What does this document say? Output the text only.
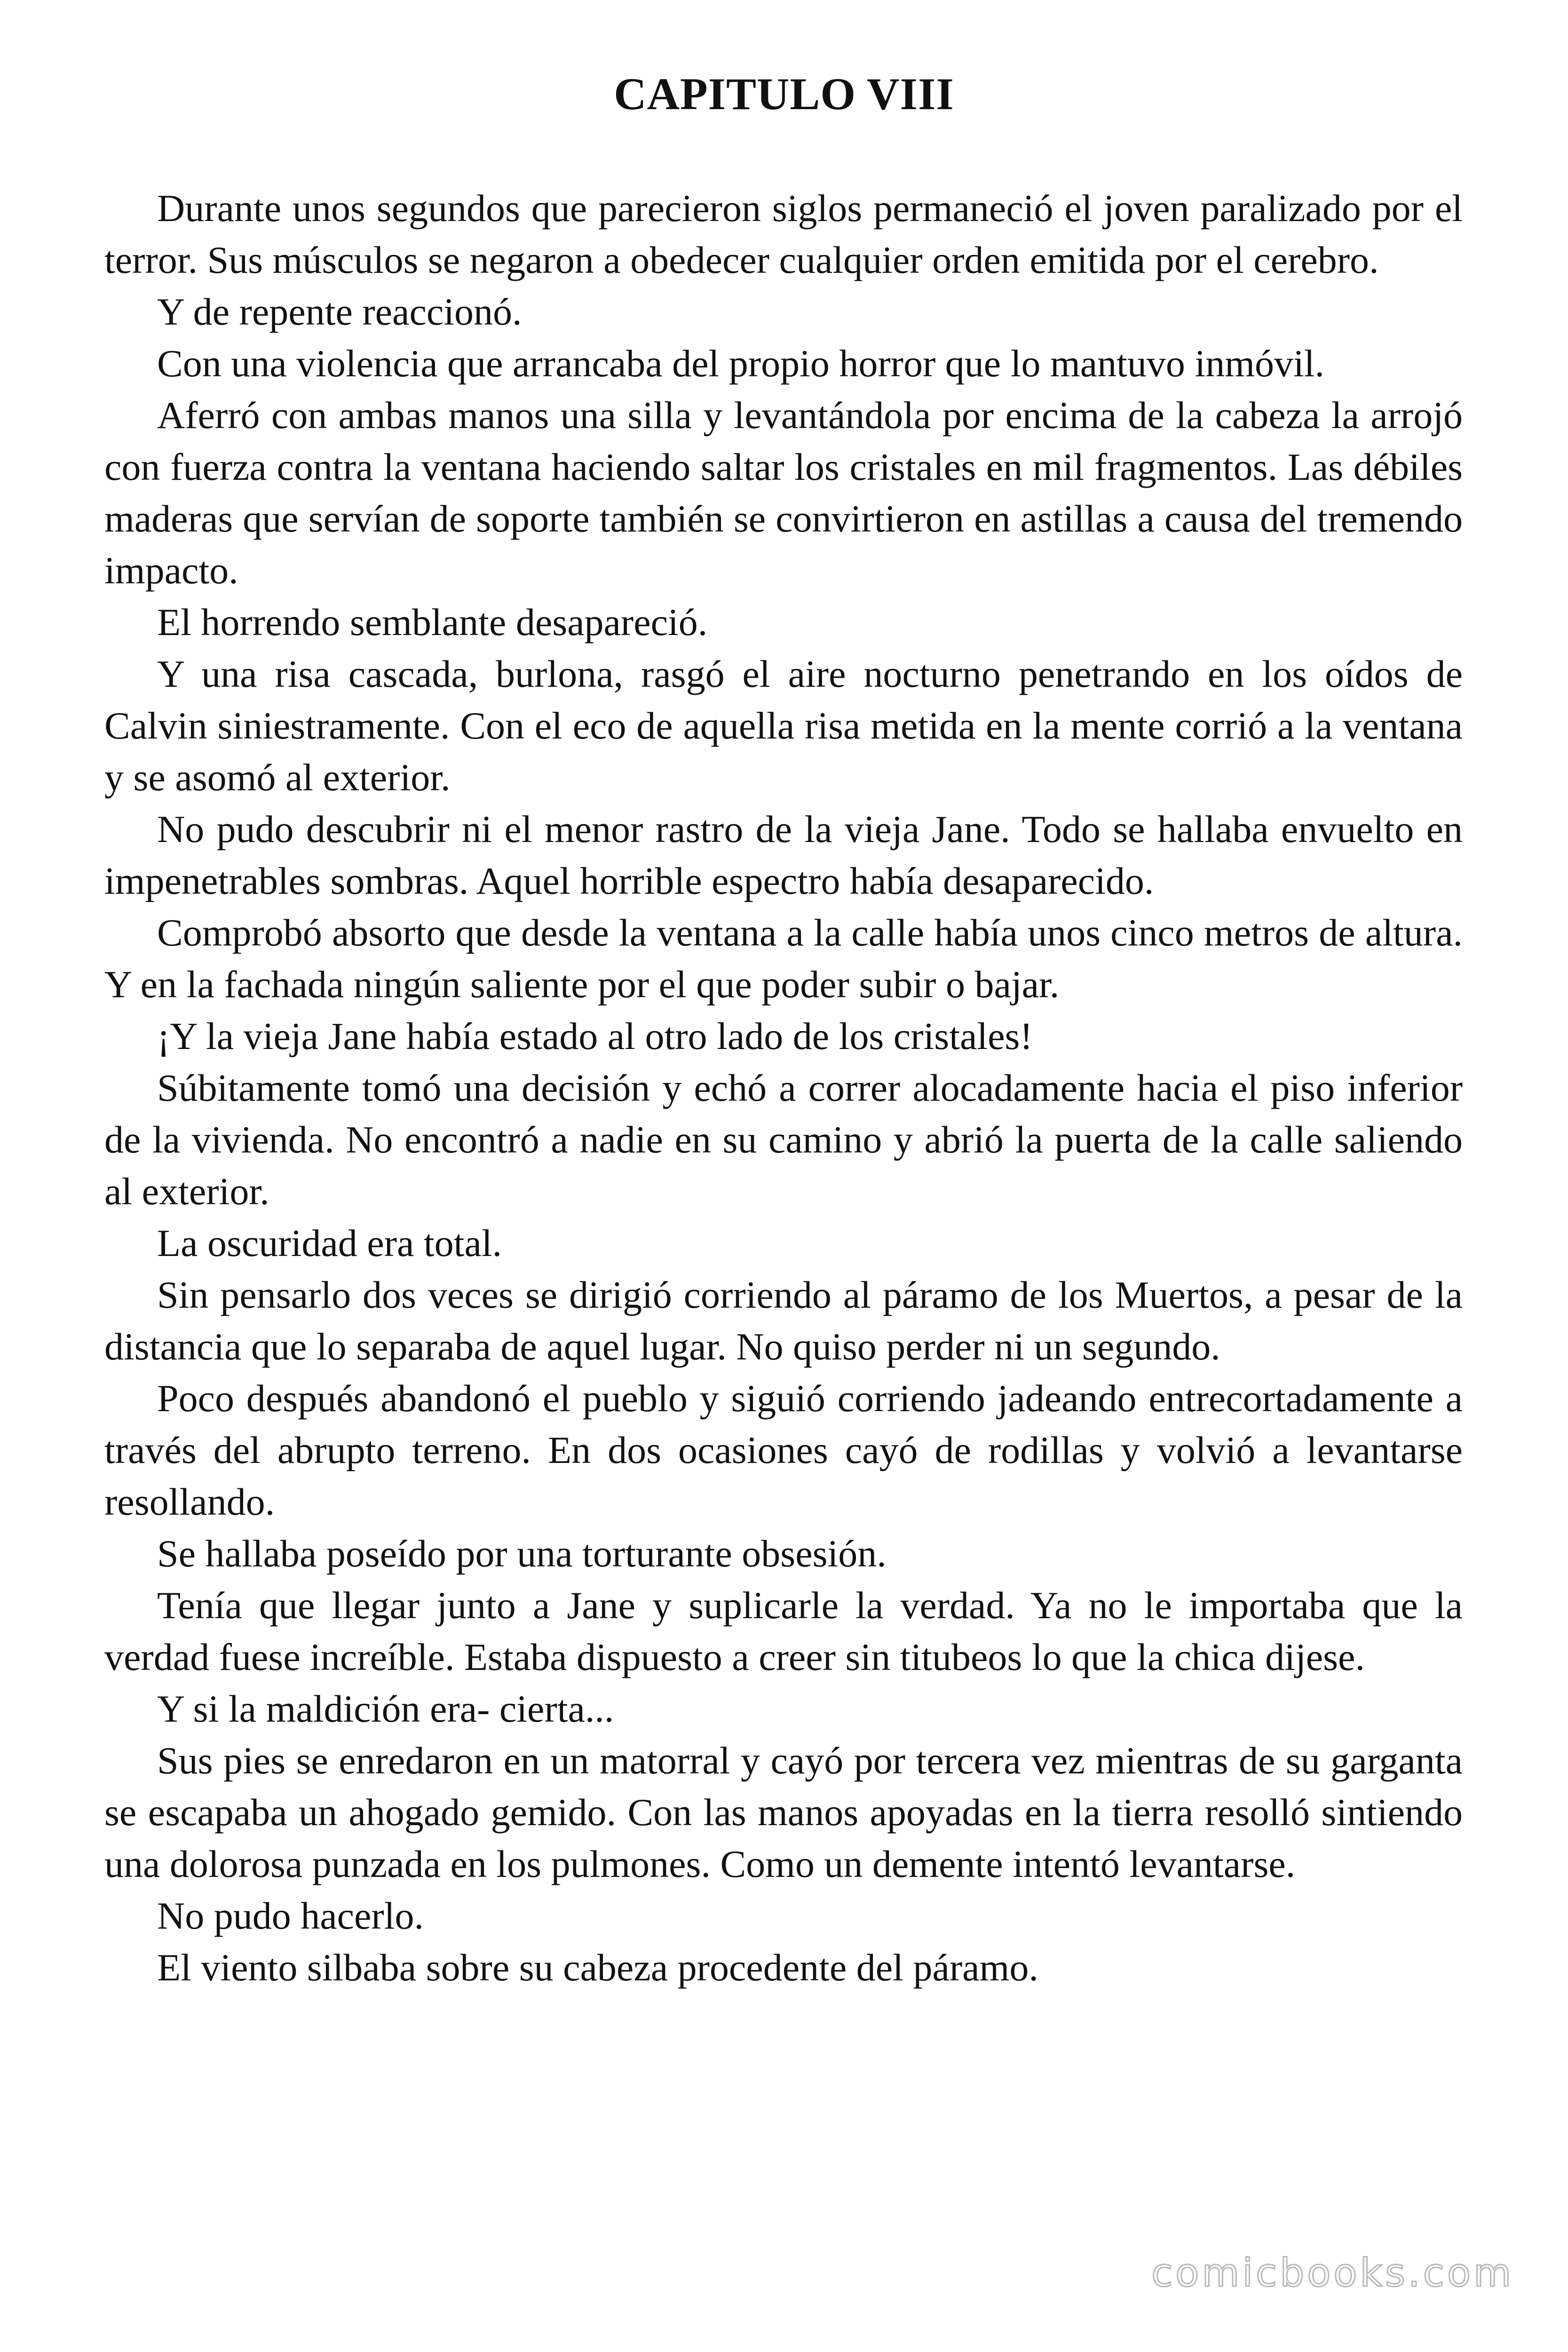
CAPITULO VIII

Durante unos segundos que parecieron siglos permaneció el joven paralizado por el terror. Sus músculos se negaron a obedecer cualquier orden emitida por el cerebro.

Y de repente reaccionó.

Con una violencia que arrancaba del propio horror que lo mantuvo inmóvil.

Aferró con ambas manos una silla y levantándola por encima de la cabeza la arrojó con fuerza contra la ventana haciendo saltar los cristales en mil fragmentos. Las débiles maderas que servían de soporte también se convirtieron en astillas a causa del tremendo impacto.

El horrendo semblante desapareció.

Y una risa cascada, burlona, rasgó el aire nocturno penetrando en los oídos de Calvin siniestramente. Con el eco de aquella risa metida en la mente corrió a la ventana y se asomó al exterior.

No pudo descubrir ni el menor rastro de la vieja Jane. Todo se hallaba envuelto en impenetrables sombras. Aquel horrible espectro había desaparecido.

Comprobó absorto que desde la ventana a la calle había unos cinco metros de altura. Y en la fachada ningún saliente por el que poder subir o bajar.

¡Y la vieja Jane había estado al otro lado de los cristales!

Súbitamente tomó una decisión y echó a correr alocadamente hacia el piso inferior de la vivienda. No encontró a nadie en su camino y abrió la puerta de la calle saliendo al exterior.

La oscuridad era total.

Sin pensarlo dos veces se dirigió corriendo al páramo de los Muertos, a pesar de la distancia que lo separaba de aquel lugar. No quiso perder ni un segundo.

Poco después abandonó el pueblo y siguió corriendo jadeando entrecortadamente a través del abrupto terreno. En dos ocasiones cayó de rodillas y volvió a levantarse resollando.

Se hallaba poseído por una torturante obsesión.

Tenía que llegar junto a Jane y suplicarle la verdad. Ya no le importaba que la verdad fuese increíble. Estaba dispuesto a creer sin titubeos lo que la chica dijese.

Y si la maldición era- cierta...

Sus pies se enredaron en un matorral y cayó por tercera vez mientras de su garganta se escapaba un ahogado gemido. Con las manos apoyadas en la tierra resolló sintiendo una dolorosa punzada en los pulmones. Como un demente intentó levantarse.

No pudo hacerlo.

El viento silbaba sobre su cabeza procedente del páramo.

comicbooks.com
